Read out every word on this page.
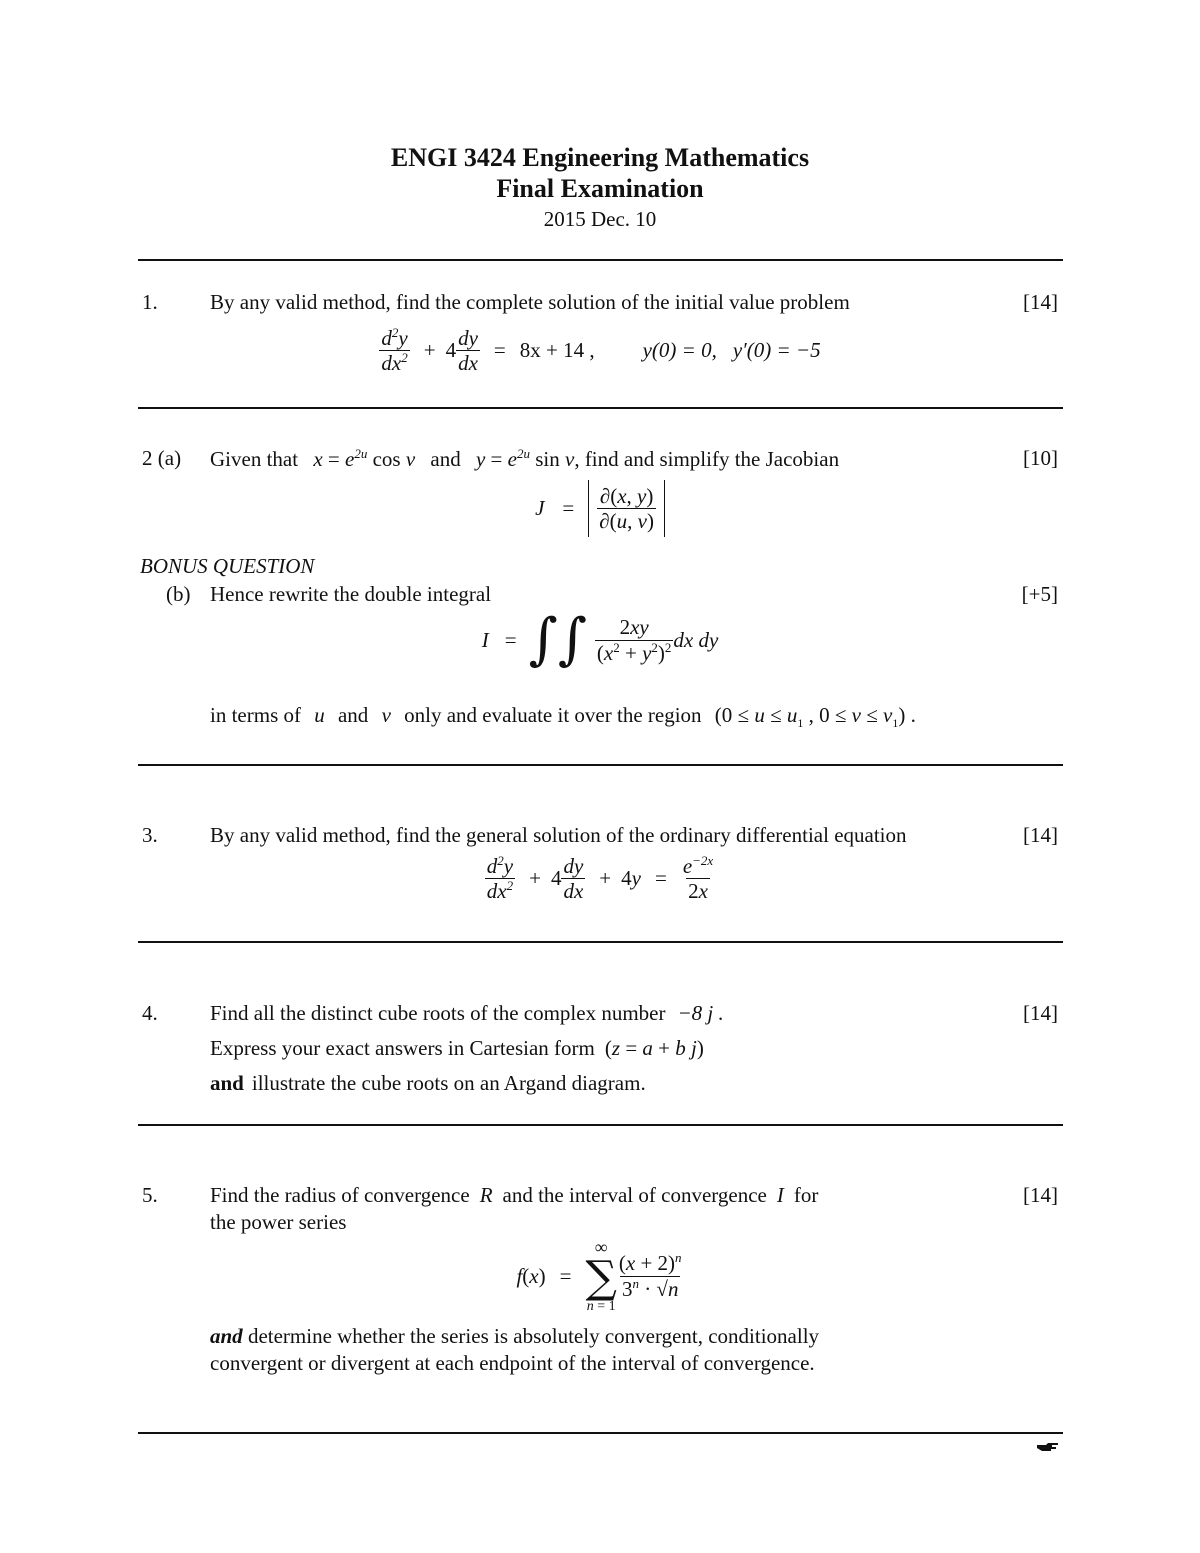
ENGI 3424 Engineering Mathematics
Final Examination
2015 Dec. 10
1. By any valid method, find the complete solution of the initial value problem	[14]
$\frac{d^2y}{dx^2} + 4 \frac{dy}{dx} = 8x + 14$ , y(0) = 0, y′(0) = −5
2 (a) Given that $x = e^{2u}$ cos v and $y = e^{2u}$ sin v, find and simplify the Jacobian	[10]
$J = \frac{\partial(x, y)}{\partial(u, v)}$
BONUS QUESTION
(b) Hence rewrite the double integral	[+5]
I = ∫∫ $\frac{2xy}{(x^2 + y^2)^2}$ dx dy
in terms of u and v only and evaluate it over the region ($0 \le u \le u_1$ , $0 \le v \le v_1$) .
3. By any valid method, find the general solution of the ordinary differential equation	[14]
$\frac{d^2y}{dx^2} + 4 \frac{dy}{dx} + 4$ $y = \frac{e^{-2x}}{2x}$
4. Find all the distinct cube roots of the complex number −8 j .	[14]
Express your exact answers in Cartesian form (z = a + b j)
and illustrate the cube roots on an Argand diagram.
5. Find the radius of convergence R and the interval of convergence I for	[14]
the power series
f ( x ) =
∞
∑
n = 1
$\frac{(x + 2)^n}{3^n \cdot √n}$
and determine whether the series is absolutely convergent, conditionally
convergent or divergent at each endpoint of the interval of convergence.
